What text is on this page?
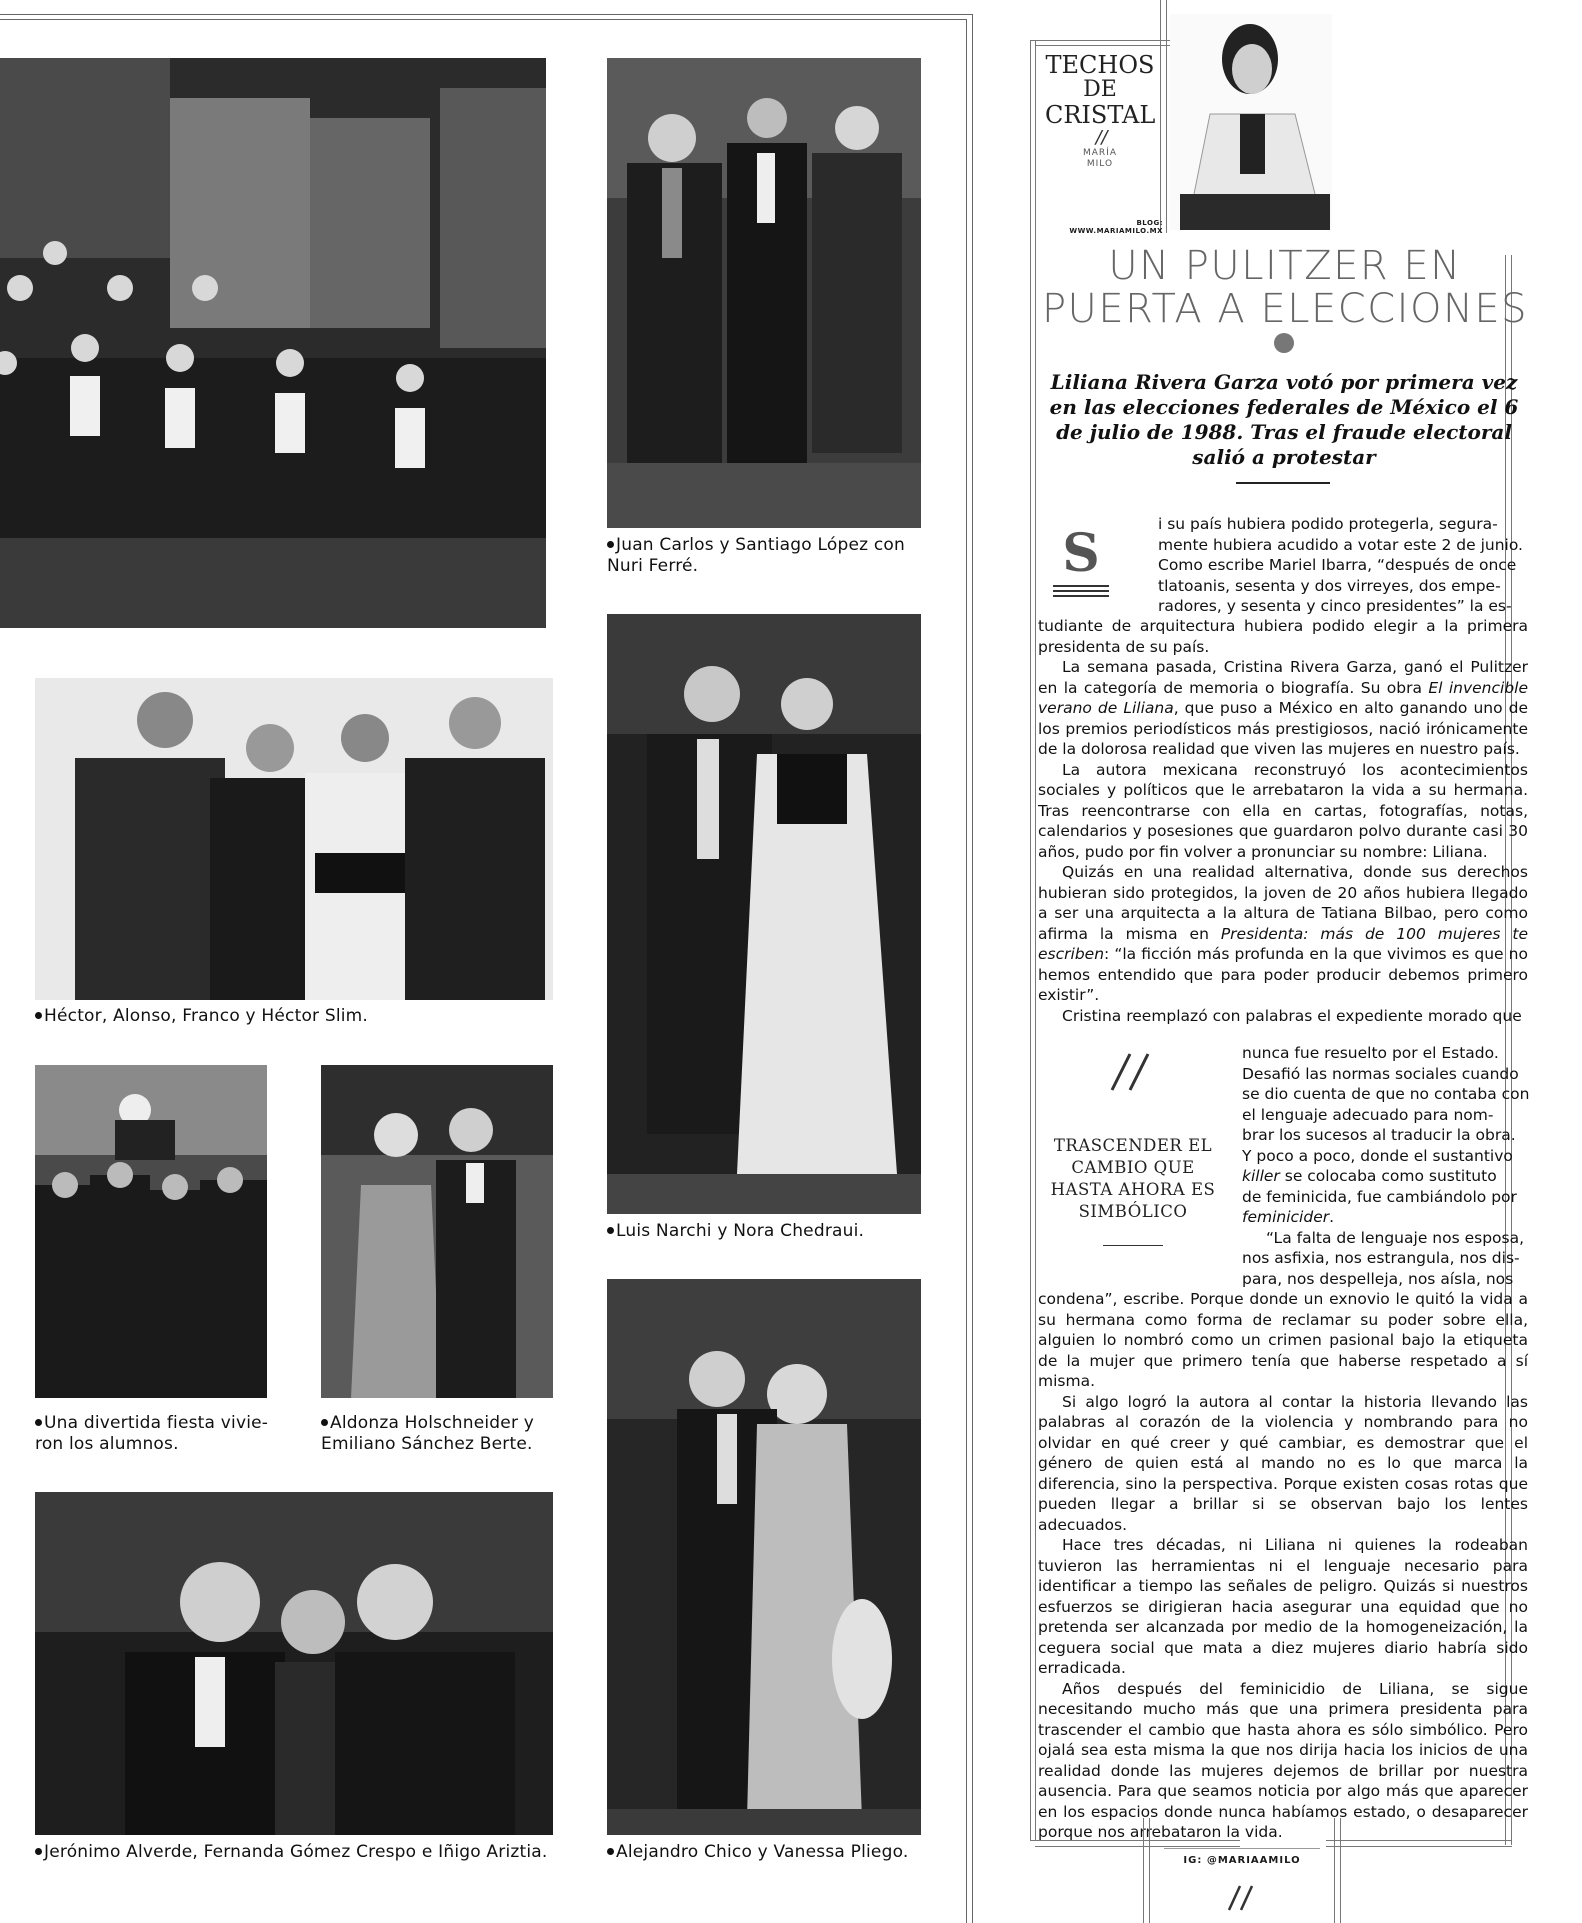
Juan Carlos y Santiago López con Nuri Ferré.
Héctor, Alonso, Franco y Héctor Slim.
Luis Narchi y Nora Chedraui.
Una divertida fiesta vivie-ron los alumnos.
Aldonza Holschneider y Emiliano Sánchez Berte.
Jerónimo Alverde, Fernanda Gómez Crespo e Iñigo Ariztia.	Alejandro Chico y Vanessa Pliego.
TECHOS
DE
CRISTAL
/ /
MARÍA
MILO
BLOG:
WWW.MARIAMILO.MX
UN PULITZER EN
PUERTA A ELECCIONES
Liliana Rivera Garza votó por primera vez en las elecciones federales de México el 6 de julio de 1988. Tras el fraude electoral salió a protestar
S	i su país hubiera podido protegerla, segura-
mente hubiera acudido a votar este 2 de junio.
Como escribe Mariel Ibarra, “después de once
tlatoanis, sesenta y dos virreyes, dos empe-
radores, y sesenta y cinco presidentes” la es-
tudiante de arquitectura hubiera podido elegir a la primera presidenta de su país.
La semana pasada, Cristina Rivera Garza, ganó el Pulitzer en la categoría de memoria o biografía. Su obra El invencible verano de Liliana, que puso a México en alto ganando uno de los premios periodísticos más prestigiosos, nació irónicamente de la dolorosa realidad que viven las mujeres en nuestro país.
La autora mexicana reconstruyó los acontecimientos sociales y políticos que le arrebataron la vida a su hermana. Tras reencontrarse con ella en cartas, fotografías, notas, calendarios y posesiones que guardaron polvo durante casi 30 años, pudo por fin volver a pronunciar su nombre: Liliana.
Quizás en una realidad alternativa, donde sus derechos hubieran sido protegidos, la joven de 20 años hubiera llegado a ser una arquitecta a la altura de Tatiana Bilbao, pero como afirma la misma en Presidenta: más de 100 mujeres te escriben: “la ficción más profunda en la que vivimos es que no hemos entendido que para poder producir debemos primero existir”.
Cristina reemplazó con palabras el expediente morado que
TRASCENDER EL CAMBIO QUE HASTA AHORA ES SIMBÓLICO
nunca fue resuelto por el Estado.
Desafió las normas sociales cuando
se dio cuenta de que no contaba con
el lenguaje adecuado para nom-
brar los sucesos al traducir la obra.
Y poco a poco, donde el sustantivo
killer se colocaba como sustituto
de feminicida, fue cambiándolo por
feminicider.
“La falta de lenguaje nos esposa,
nos asfixia, nos estrangula, nos dis-
para, nos despelleja, nos aísla, nos
condena”, escribe. Porque donde un exnovio le quitó la vida a su hermana como forma de reclamar su poder sobre ella, alguien lo nombró como un crimen pasional bajo la etiqueta de la mujer que primero tenía que haberse respetado a sí misma.
Si algo logró la autora al contar la historia llevando las palabras al corazón de la violencia y nombrando para no olvidar en qué creer y qué cambiar, es demostrar que el género de quien está al mando no es lo que marca la diferencia, sino la perspectiva. Porque existen cosas rotas que pueden llegar a brillar si se observan bajo los lentes adecuados.
Hace tres décadas, ni Liliana ni quienes la rodeaban tuvieron las herramientas ni el lenguaje necesario para identificar a tiempo las señales de peligro. Quizás si nuestros esfuerzos se dirigieran hacia asegurar una equidad que no pretenda ser alcanzada por medio de la homogeneización, la ceguera social que mata a diez mujeres diario habría sido erradicada.
Años después del feminicidio de Liliana, se sigue necesitando mucho más que una primera presidenta para trascender el cambio que hasta ahora es sólo simbólico. Pero ojalá sea esta misma la que nos dirija hacia los inicios de una realidad donde las mujeres dejemos de brillar por nuestra ausencia. Para que seamos noticia por algo más que aparecer en los espacios donde nunca habíamos estado, o desaparecer porque nos arrebataron la vida.
IG: @MARIAAMILO
